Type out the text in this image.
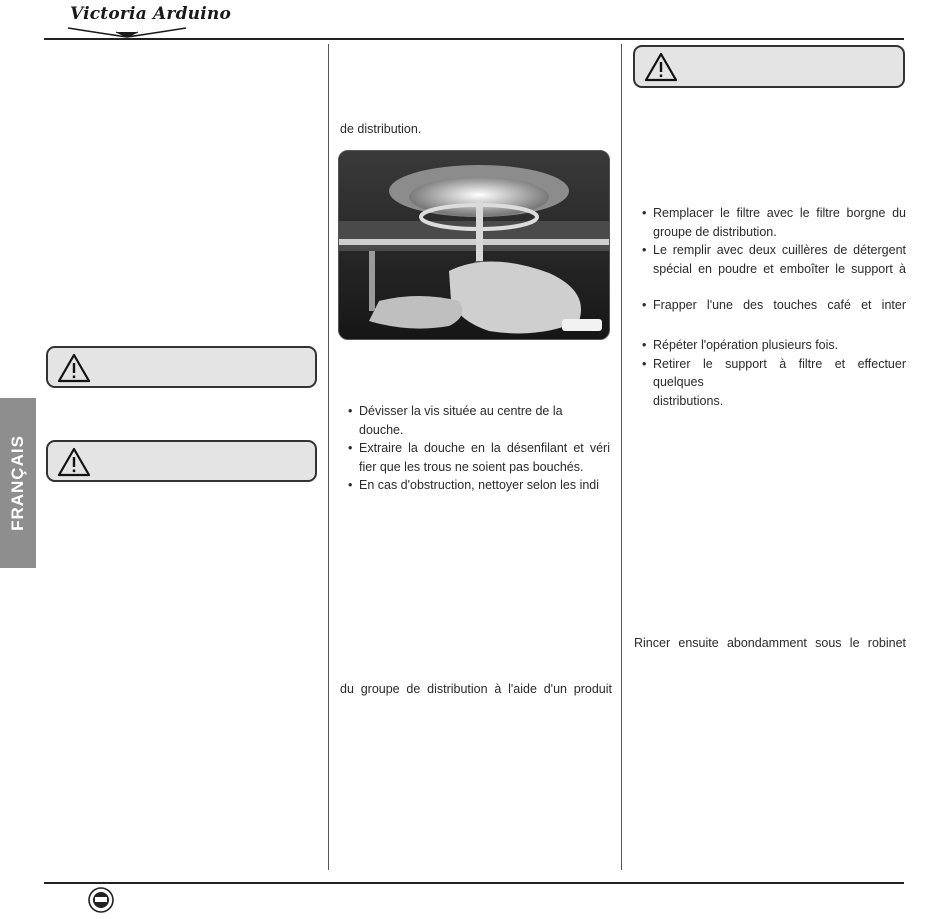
Victoria Arduino
FRANÇAIS

de distribution.

• Dévisser la vis située au centre de la douche.
• Extraire la douche en la désenfilant et véri
fier que les trous ne soient pas bouchés.
• En cas d'obstruction, nettoyer selon les indi

du groupe de distribution à l'aide d'un produit

• Remplacer le filtre avec le filtre borgne du
groupe de distribution.
• Le remplir avec deux cuillères de détergent
spécial en poudre et emboîter le support à
• Frapper l'une des touches café et inter
• Répéter l'opération plusieurs fois.
• Retirer le support à filtre et effectuer quelques
distributions.

Rincer ensuite abondamment sous le robinet
